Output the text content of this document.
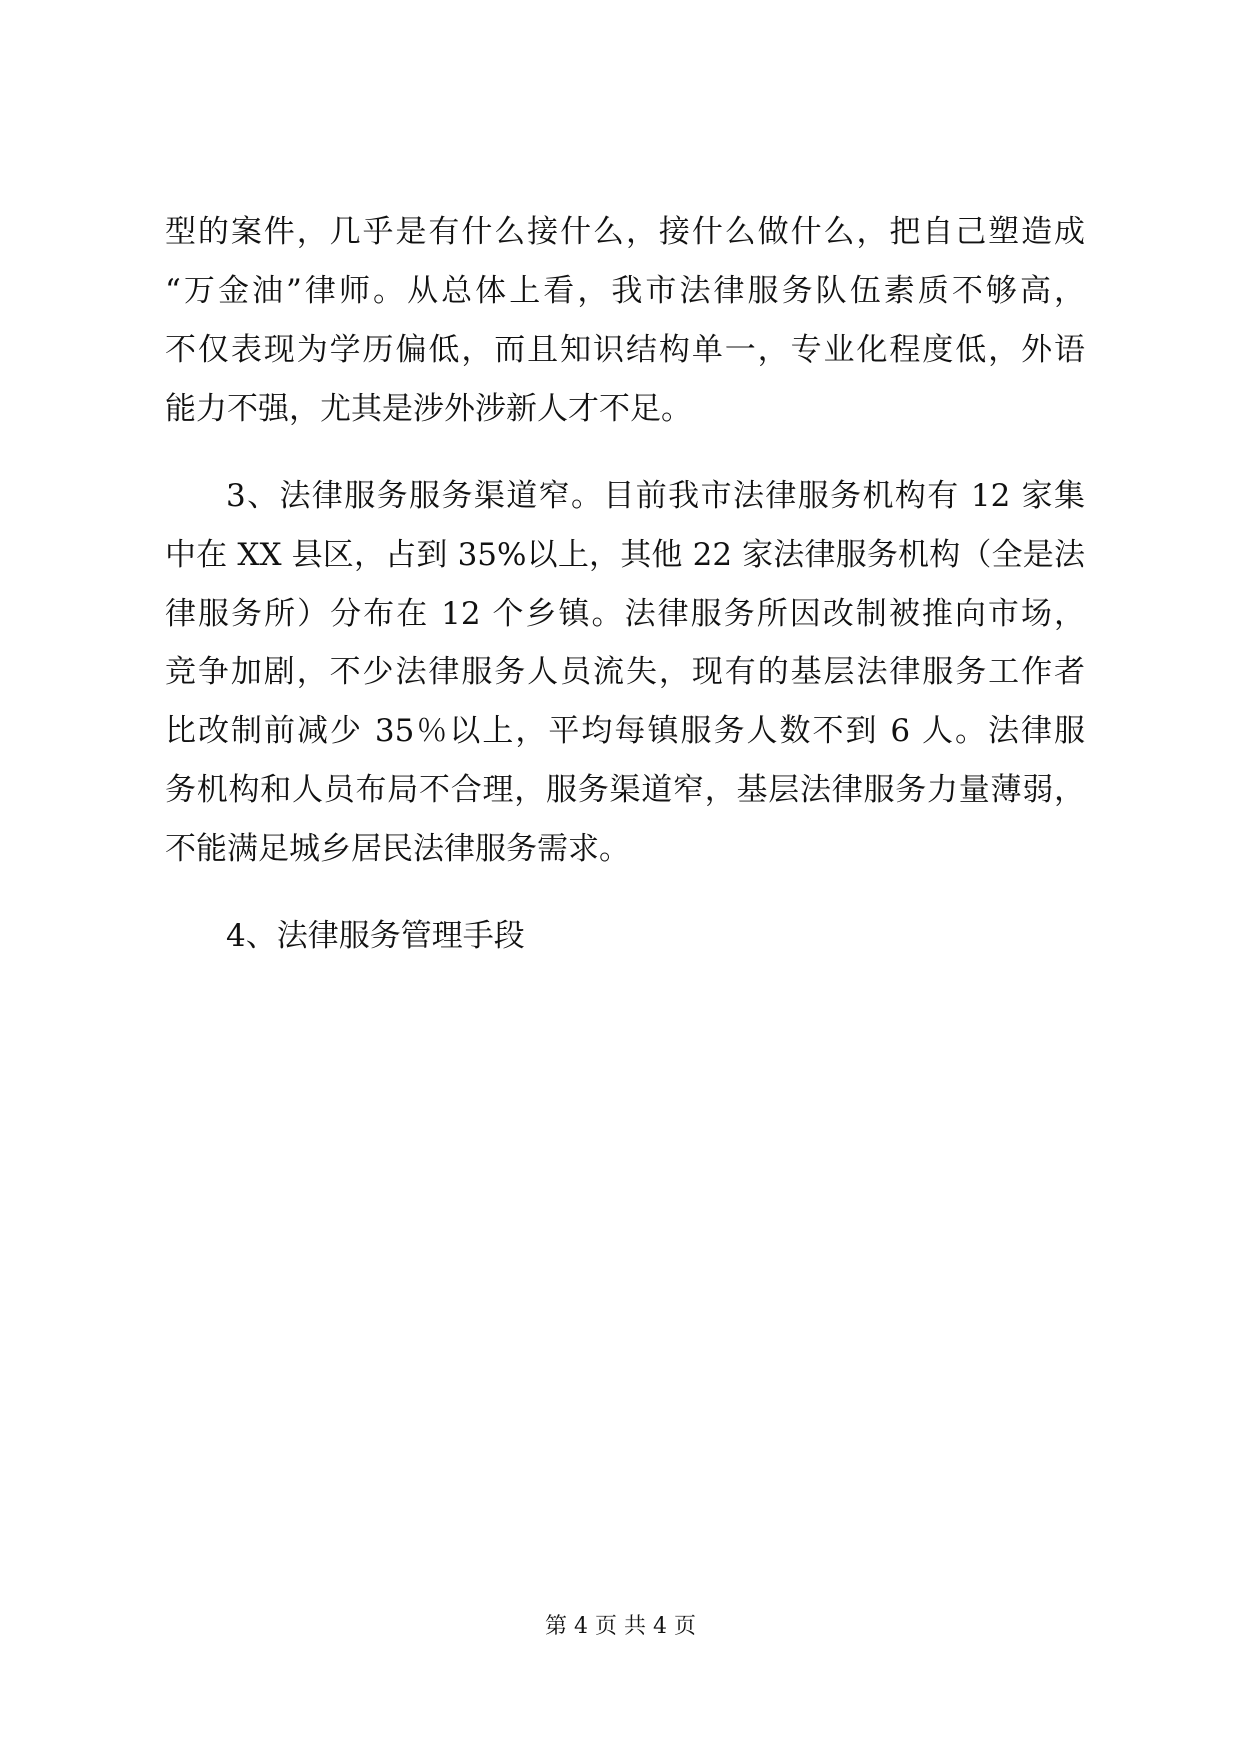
型的案件，几乎是有什么接什么，接什么做什么，把自己塑造成
“万金油”律师。从总体上看，我市法律服务队伍素质不够高，
不仅表现为学历偏低，而且知识结构单一，专业化程度低，外语
能力不强，尤其是涉外涉新人才不足。
3、法律服务服务渠道窄。目前我市法律服务机构有 12 家集
中在 XX 县区，占到 35%以上，其他 22 家法律服务机构（全是法
律服务所）分布在 12 个乡镇。法律服务所因改制被推向市场，
竞争加剧，不少法律服务人员流失，现有的基层法律服务工作者
比改制前减少 35％以上，平均每镇服务人数不到 6 人。法律服
务机构和人员布局不合理，服务渠道窄，基层法律服务力量薄弱，
不能满足城乡居民法律服务需求。
4、法律服务管理手段
第 4 页 共 4 页
